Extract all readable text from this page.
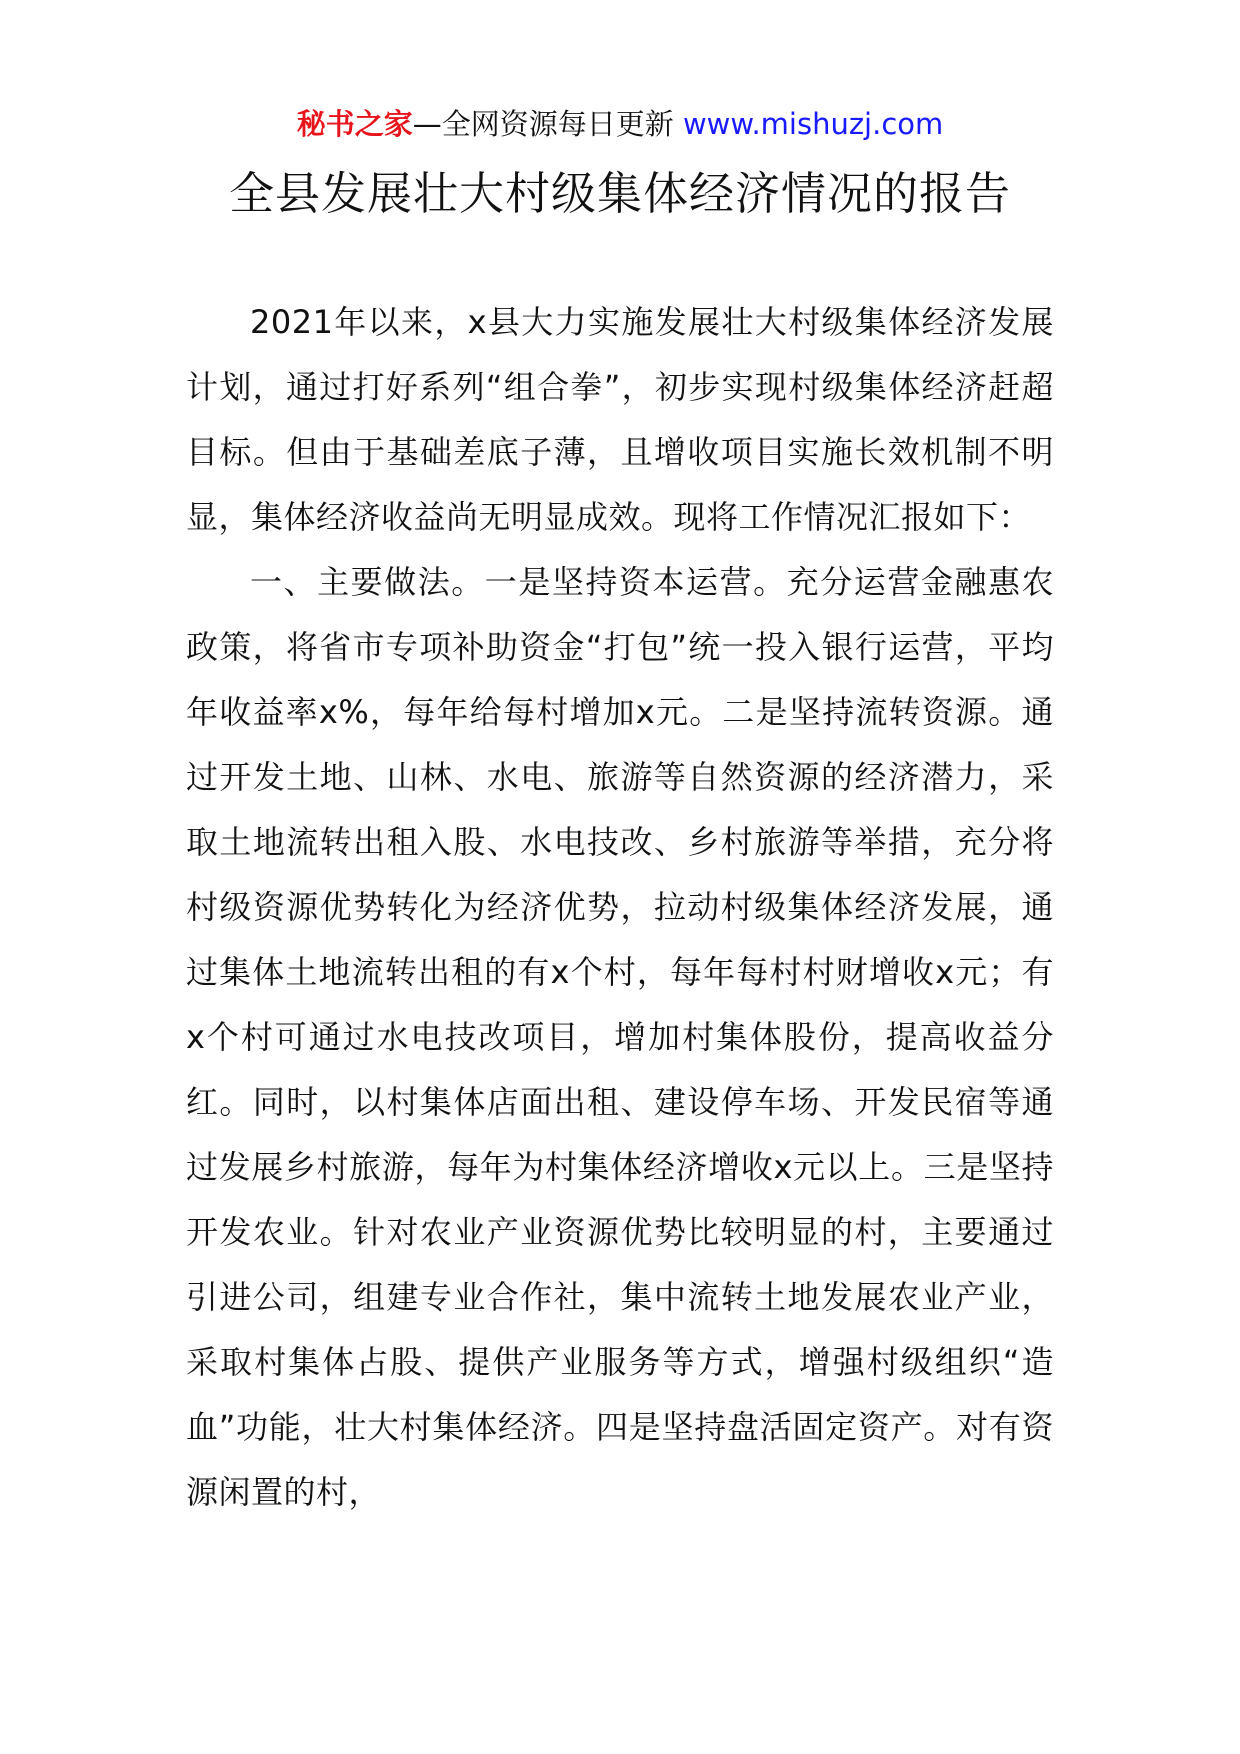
秘书之家—全网资源每日更新 www.mishuzj.com
全县发展壮大村级集体经济情况的报告

2021年以来，x县大力实施发展壮大村级集体经济发展计划，通过打好系列“组合拳”，初步实现村级集体经济赶超目标。但由于基础差底子薄，且增收项目实施长效机制不明显，集体经济收益尚无明显成效。现将工作情况汇报如下：

一、主要做法。一是坚持资本运营。充分运营金融惠农政策，将省市专项补助资金“打包”统一投入银行运营，平均年收益率x%，每年给每村增加x元。二是坚持流转资源。通过开发土地、山林、水电、旅游等自然资源的经济潜力，采取土地流转出租入股、水电技改、乡村旅游等举措，充分将村级资源优势转化为经济优势，拉动村级集体经济发展，通过集体土地流转出租的有x个村，每年每村村财增收x元；有x个村可通过水电技改项目，增加村集体股份，提高收益分红。同时，以村集体店面出租、建设停车场、开发民宿等通过发展乡村旅游，每年为村集体经济增收x元以上。三是坚持开发农业。针对农业产业资源优势比较明显的村，主要通过引进公司，组建专业合作社，集中流转土地发展农业产业，采取村集体占股、提供产业服务等方式，增强村级组织“造血”功能，壮大村集体经济。四是坚持盘活固定资产。对有资源闲置的村，
